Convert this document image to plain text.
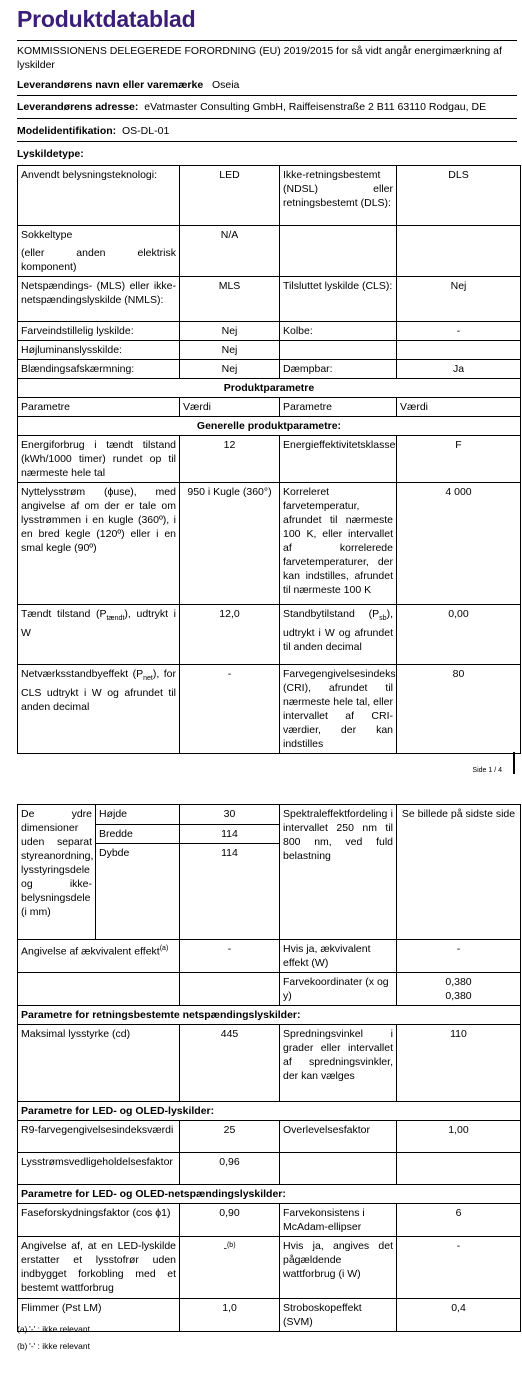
Produktdatablad
KOMMISSIONENS DELEGEREDE FORORDNING (EU) 2019/2015 for så vidt angår energimærkning af lyskilder
Leverandørens navn eller varemærke Oseia
Leverandørens adresse: eVatmaster Consulting GmbH, Raiffeisenstraße 2 B11 63110 Rodgau, DE
Modelidentifikation: OS-DL-01
Lyskildetype:
Anvendt belysningsteknologi:	LED	Ikke-retningsbestemt (NDSL) eller retningsbestemt (DLS):	DLS

Sokkeltype
(eller anden elektrisk komponent)	N/A		
Netspændings- (MLS) eller ikke-netspændingslyskilde (NMLS):	MLS	Tilsluttet lyskilde (CLS):	Nej
Farveindstillelig lyskilde:	Nej	Kolbe:	-
Højluminanslysskilde:	Nej		
Blændingsafskærmning:	Nej	Dæmpbar:	Ja
Produktparametre			
Parametre	Værdi	Parametre	Værdi
Generelle produktparametre:			
Energiforbrug i tændt tilstand (kWh/1000 timer) rundet op til nærmeste hele tal	12	Energieffektivitetsklasse	F
Nyttelysstrøm (ϕuse), med angivelse af om der er tale om lysstrømmen i en kugle (360º), i en bred kegle (120º) eller i en smal kegle (90º)	950 i Kugle (360°)	Korreleret farvetemperatur, afrundet til nærmeste 100 K, eller intervallet af korrelerede farvetemperaturer, der kan indstilles, afrundet til nærmeste 100 K	4 000
Tændt tilstand $(P_{tændt})$, udtrykt i W	12,0	Standbytilstand $(P_{sb})$, udtrykt i W og afrundet til anden decimal	0,00
Netværksstandbyeffekt $(P_{net})$, for CLS udtrykt i W og afrundet til anden decimal	-	Farvegengivelsesindeks (CRI), afrundet til nærmeste hele tal, eller intervallet af CRI-værdier, der kan indstilles	80
Side 1 / 4
De ydre dimensioner uden separat styreanordning, lysstyringsdele og ikke-belysningsdele (i mm)	Højde	30	Spektraleffektfordeling i intervallet 250 nm til 800 nm, ved fuld belastning	Se billede på sidste side
	Bredde	114		
	Dybde	114		
Angivelse af ækvivalent effekt$^{(a)}$		-	Hvis ja, ækvivalent effekt (W)	-
			Farvekoordinater (x og y)	0,380
0,380

Parametre for retningsbestemte netspændingslyskilder:				
Maksimal lysstyrke (cd)		445	Spredningsvinkel i grader eller intervallet af spredningsvinkler, der kan vælges	110
Parametre for LED- og OLED-lyskilder:				
R9-farvegengivelsesindeksværdi		25	Overlevelsesfaktor	1,00
Lysstrømsvedligeholdelsesfaktor		0,96		
Parametre for LED- og OLED-netspændingslyskilder:				
Faseforskydningsfaktor (cos ϕ1)		0,90	Farvekonsistens i McAdam-ellipser	6
Angivelse af, at en LED-lyskilde erstatter et lysstofrør uden indbygget forkobling med et bestemt wattforbrug		-$^{(b)}$	Hvis ja, angives det pågældende wattforbrug (i W)	-
Flimmer (Pst LM)		1,0	Stroboskopeffekt (SVM)	0,4
(a) '-' : ikke relevant
(b) '-' : ikke relevant
